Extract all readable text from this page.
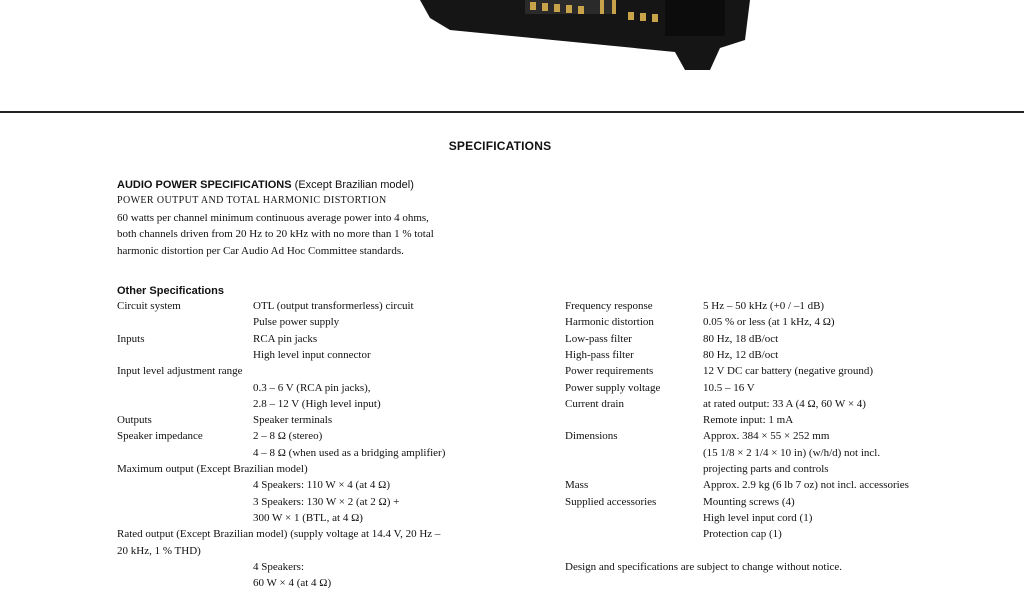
SPECIFICATIONS
AUDIO POWER SPECIFICATIONS (Except Brazilian model)
POWER OUTPUT AND TOTAL HARMONIC DISTORTION
60 watts per channel minimum continuous average power into 4 ohms,
both channels driven from 20 Hz to 20 kHz with no more than 1 % total
harmonic distortion per Car Audio Ad Hoc Committee standards.
Other Specifications
Circuit system	OTL (output transformerless) circuit
Pulse power supply
Inputs	RCA pin jacks
High level input connector
Input level adjustment range
0.3 – 6 V (RCA pin jacks),
2.8 – 12 V (High level input)
Outputs	Speaker terminals
Speaker impedance	2 – 8 Ω (stereo)
4 – 8 Ω (when used as a bridging amplifier)
Maximum output (Except Brazilian model)
4 Speakers: 110 W × 4 (at 4 Ω)
3 Speakers: 130 W × 2 (at 2 Ω) +
300 W × 1 (BTL, at 4 Ω)
Rated output (Except Brazilian model) (supply voltage at 14.4 V, 20 Hz –
20 kHz, 1 % THD)
4 Speakers:
60 W × 4 (at 4 Ω)
Frequency response	5 Hz – 50 kHz (+0 / –1 dB)
Harmonic distortion	0.05 % or less (at 1 kHz, 4 Ω)
Low-pass filter	80 Hz, 18 dB/oct
High-pass filter	80 Hz, 12 dB/oct
Power requirements	12 V DC car battery (negative ground)
Power supply voltage	10.5 – 16 V
Current drain	at rated output: 33 A (4 Ω, 60 W × 4)
Remote input: 1 mA
Dimensions	Approx. 384 × 55 × 252 mm
(15 1/8 × 2 1/4 × 10 in) (w/h/d) not incl.
projecting parts and controls
Mass	Approx. 2.9 kg (6 lb 7 oz) not incl. accessories
Supplied accessories	Mounting screws (4)
High level input cord (1)
Protection cap (1)
Design and specifications are subject to change without notice.
